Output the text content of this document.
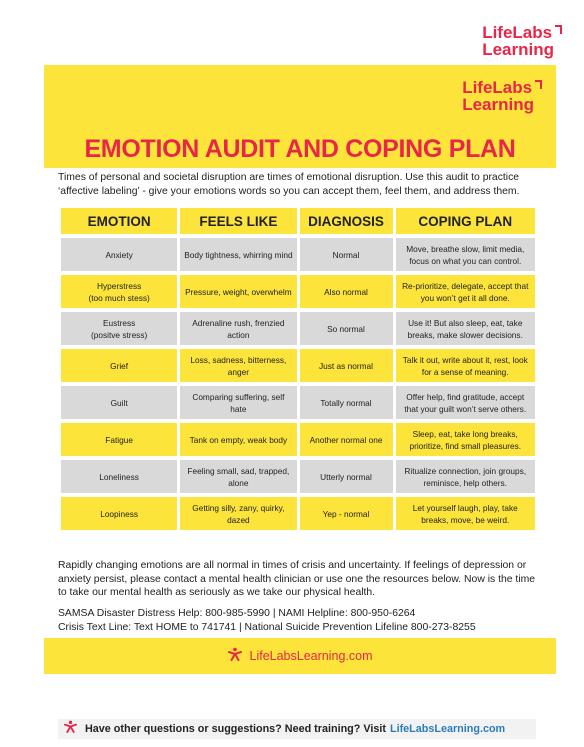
LifeLabs
Learning
LifeLabs
Learning
EMOTION AUDIT AND COPING PLAN
Times of personal and societal disruption are times of emotional disruption. Use this audit to practice ‘affective labeling’ - give your emotions words so you can accept them, feel them, and address them.
EMOTION	FEELS LIKE	DIAGNOSIS	COPING PLAN

Anxiety	Body tightness, whirring mind	Normal	Move, breathe slow, limit media, focus on what you can control.

Hyperstress
(too much stess)	Pressure, weight, overwhelm	Also normal	Re-prioritize, delegate, accept that you won’t get it all done.

Eustress
(positve stress)	Adrenaline rush, frenzied action	So normal	Use it! But also sleep, eat, take breaks, make slower decisions.

Grief	Loss, sadness, bitterness, anger	Just as normal	Talk it out, write about it, rest, look for a sense of meaning.

Guilt	Comparing suffering, self hate	Totally normal	Offer help, find gratitude, accept that your guilt won’t serve others.

Fatigue	Tank on empty, weak body	Another normal one	Sleep, eat, take long breaks, prioritize, find small pleasures.

Loneliness	Feeling small, sad, trapped, alone	Utterly normal	Ritualize connection, join groups, reminisce, help others.

Loopiness	Getting silly, zany, quirky, dazed	Yep - normal	Let yourself laugh, play, take breaks, move, be weird.
Rapidly changing emotions are all normal in times of crisis and uncertainty. If feelings of depression or anxiety persist, please contact a mental health clinician or use one the resources below. Now is the time to take our mental health as seriously as we take our physical health.
SAMSA Disaster Distress Help: 800-985-5990 | NAMI Helpline: 800-950-6264
Crisis Text Line: Text HOME to 741741 | National Suicide Prevention Lifeline 800-273-8255
LifeLabsLearning.com
Have other questions or suggestions? Need training? Visit LifeLabsLearning.com
